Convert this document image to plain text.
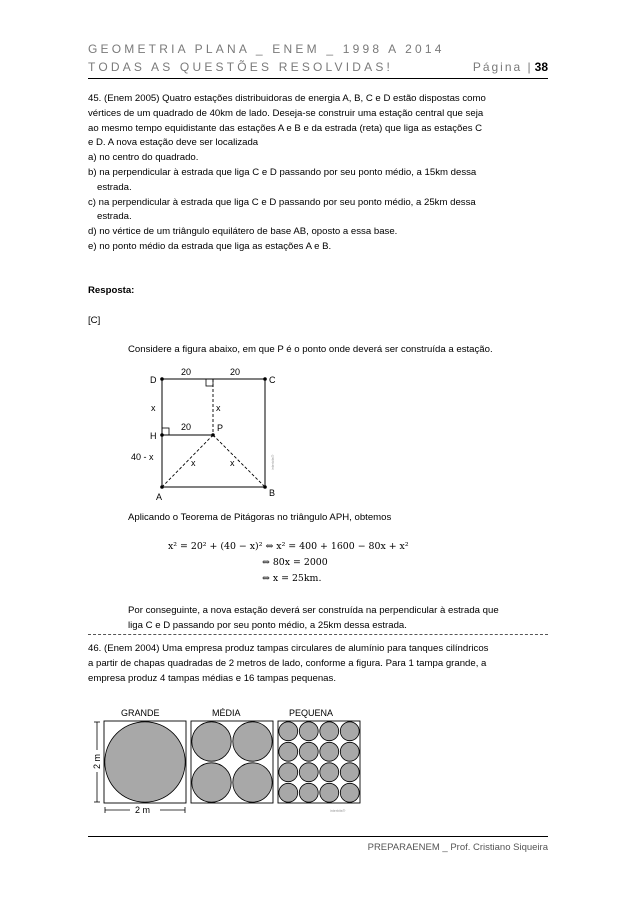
GEOMETRIA PLANA _ ENEM _ 1998 A 2014
TODAS AS QUESTÕES RESOLVIDAS!	Página | 38
45. (Enem 2005) Quatro estações distribuidoras de energia A, B, C e D estão dispostas como
vértices de um quadrado de 40km de lado. Deseja-se construir uma estação central que seja
ao mesmo tempo equidistante das estações A e B e da estrada (reta) que liga as estações C
e D. A nova estação deve ser localizada
a) no centro do quadrado.
b) na perpendicular à estrada que liga C e D passando por seu ponto médio, a 15km dessa
estrada.
c) na perpendicular à estrada que liga C e D passando por seu ponto médio, a 25km dessa
estrada.
d) no vértice de um triângulo equilátero de base AB, oposto a essa base.
e) no ponto médio da estrada que liga as estações A e B.
Resposta:
[C]
Considere a figura abaixo, em que P é o ponto onde deverá ser construída a estação.
D	C
A	B
H
P
20	20
20
x	x
x	x
40 - x	interbits®
Aplicando o Teorema de Pitágoras no triângulo APH, obtemos
x² = 20² + (40 − x)² ⇔ x² = 400 + 1600 − 80x + x²
⇔ 80x = 2000
⇔ x = 25km.
Por conseguinte, a nova estação deverá ser construída na perpendicular à estrada que
liga C e D passando por seu ponto médio, a 25km dessa estrada.
46. (Enem 2004) Uma empresa produz tampas circulares de alumínio para tanques cilíndricos
a partir de chapas quadradas de 2 metros de lado, conforme a figura. Para 1 tampa grande, a
empresa produz 4 tampas médias e 16 tampas pequenas.
GRANDE	MÉDIA	PEQUENA
2 m
2 m	interbits®
PREPARAENEM _ Prof. Cristiano Siqueira
